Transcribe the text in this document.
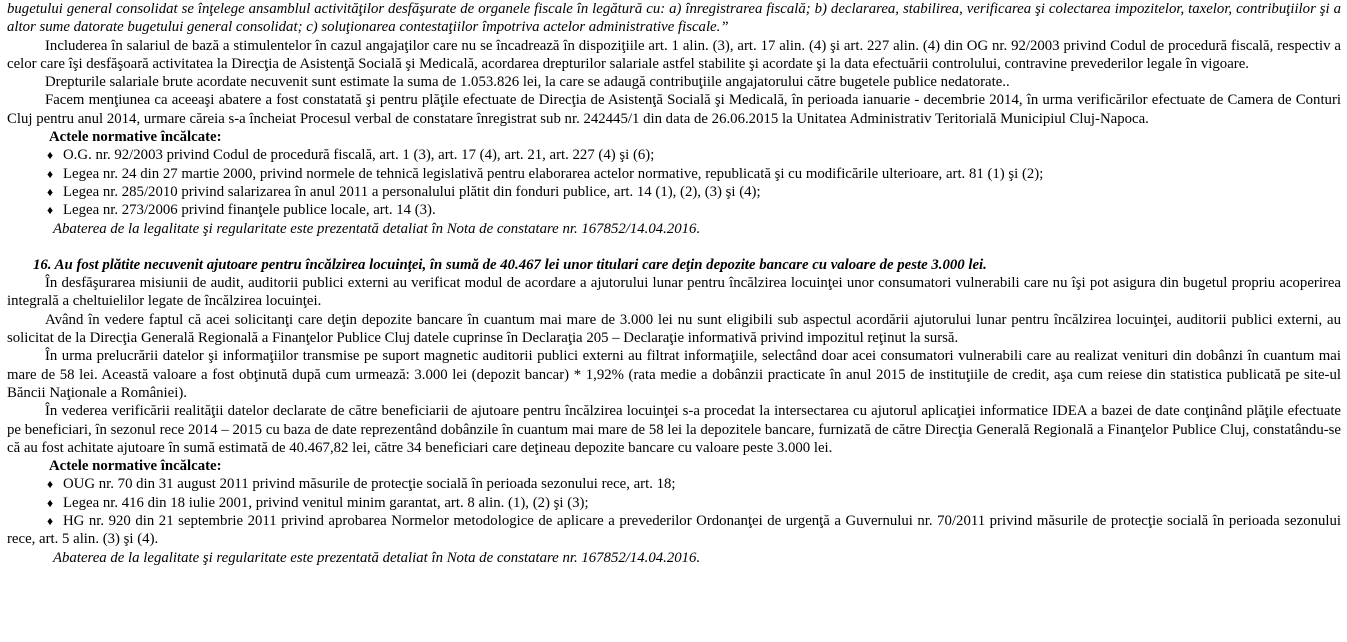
bugetului general consolidat se înţelege ansamblul activităţilor desfăşurate de organele fiscale în legătură cu: a) înregistrarea fiscală; b) declararea, stabilirea, verificarea şi colectarea impozitelor, taxelor, contribuţiilor şi a altor sume datorate bugetului general consolidat; c) soluţionarea contestaţiilor împotriva actelor administrative fiscale.”

Includerea în salariul de bază a stimulentelor în cazul angajaţilor care nu se încadrează în dispoziţiile art. 1 alin. (3), art. 17 alin. (4) şi art. 227 alin. (4) din OG nr. 92/2003 privind Codul de procedură fiscală, respectiv a celor care îşi desfăşoară activitatea la Direcţia de Asistenţă Socială şi Medicală, acordarea drepturilor salariale astfel stabilite şi acordate şi la data efectuării controlului, contravine prevederilor legale în vigoare.

Drepturile salariale brute acordate necuvenit sunt estimate la suma de 1.053.826 lei, la care se adaugă contribuţiile angajatorului către bugetele publice nedatorate..

Facem menţiunea ca aceeaşi abatere a fost constatată şi pentru plăţile efectuate de Direcţia de Asistenţă Socială şi Medicală, în perioada ianuarie - decembrie 2014, în urma verificărilor efectuate de Camera de Conturi Cluj pentru anul 2014, urmare căreia s-a încheiat Procesul verbal de constatare înregistrat sub nr. 242445/1 din data de 26.06.2015 la Unitatea Administrativ Teritorială Municipiul Cluj-Napoca.

Actele normative încălcate:

♦ O.G. nr. 92/2003 privind Codul de procedură fiscală, art. 1 (3), art. 17 (4), art. 21, art. 227 (4) şi (6);

♦ Legea nr. 24 din 27 martie 2000, privind normele de tehnică legislativă pentru elaborarea actelor normative, republicată şi cu modificările ulterioare, art. 81 (1) şi (2);

♦ Legea nr. 285/2010 privind salarizarea în anul 2011 a personalului plătit din fonduri publice, art. 14 (1), (2), (3) şi (4);

♦ Legea nr. 273/2006 privind finanţele publice locale, art. 14 (3).

Abaterea de la legalitate şi regularitate este prezentată detaliat în Nota de constatare nr. 167852/14.04.2016.

16. Au fost plătite necuvenit ajutoare pentru încălzirea locuinţei, în sumă de 40.467 lei unor titulari care deţin depozite bancare cu valoare de peste 3.000 lei.

În desfăşurarea misiunii de audit, auditorii publici externi au verificat modul de acordare a ajutorului lunar pentru încălzirea locuinţei unor consumatori vulnerabili care nu îşi pot asigura din bugetul propriu acoperirea integrală a cheltuielilor legate de încălzirea locuinţei.

Având în vedere faptul că acei solicitanţi care deţin depozite bancare în cuantum mai mare de 3.000 lei nu sunt eligibili sub aspectul acordării ajutorului lunar pentru încălzirea locuinţei, auditorii publici externi, au solicitat de la Direcţia Generală Regională a Finanţelor Publice Cluj datele cuprinse în Declaraţia 205 – Declaraţie informativă privind impozitul reţinut la sursă.

În urma prelucrării datelor şi informaţiilor transmise pe suport magnetic auditorii publici externi au filtrat informaţiile, selectând doar acei consumatori vulnerabili care au realizat venituri din dobânzi în cuantum mai mare de 58 lei. Această valoare a fost obţinută după cum urmează: 3.000 lei (depozit bancar) * 1,92% (rata medie a dobânzii practicate în anul 2015 de instituţiile de credit, aşa cum reiese din statistica publicată pe site-ul Băncii Naţionale a României).

În vederea verificării realităţii datelor declarate de către beneficiarii de ajutoare pentru încălzirea locuinţei s-a procedat la intersectarea cu ajutorul aplicaţiei informatice IDEA a bazei de date conţinând plăţile efectuate pe beneficiari, în sezonul rece 2014 – 2015 cu baza de date reprezentând dobânzile în cuantum mai mare de 58 lei la depozitele bancare, furnizată de către Direcţia Generală Regională a Finanţelor Publice Cluj, constatându-se că au fost achitate ajutoare în sumă estimată de 40.467,82 lei, către 34 beneficiari care deţineau depozite bancare cu valoare peste 3.000 lei.

Actele normative încălcate:

♦ OUG nr. 70 din 31 august 2011 privind măsurile de protecţie socială în perioada sezonului rece, art. 18;

♦ Legea nr. 416 din 18 iulie 2001, privind venitul minim garantat, art. 8 alin. (1), (2) şi (3);

♦ HG nr. 920 din 21 septembrie 2011 privind aprobarea Normelor metodologice de aplicare a prevederilor Ordonanţei de urgenţă a Guvernului nr. 70/2011 privind măsurile de protecţie socială în perioada sezonului rece, art. 5 alin. (3) şi (4).

Abaterea de la legalitate şi regularitate este prezentată detaliat în Nota de constatare nr. 167852/14.04.2016.
